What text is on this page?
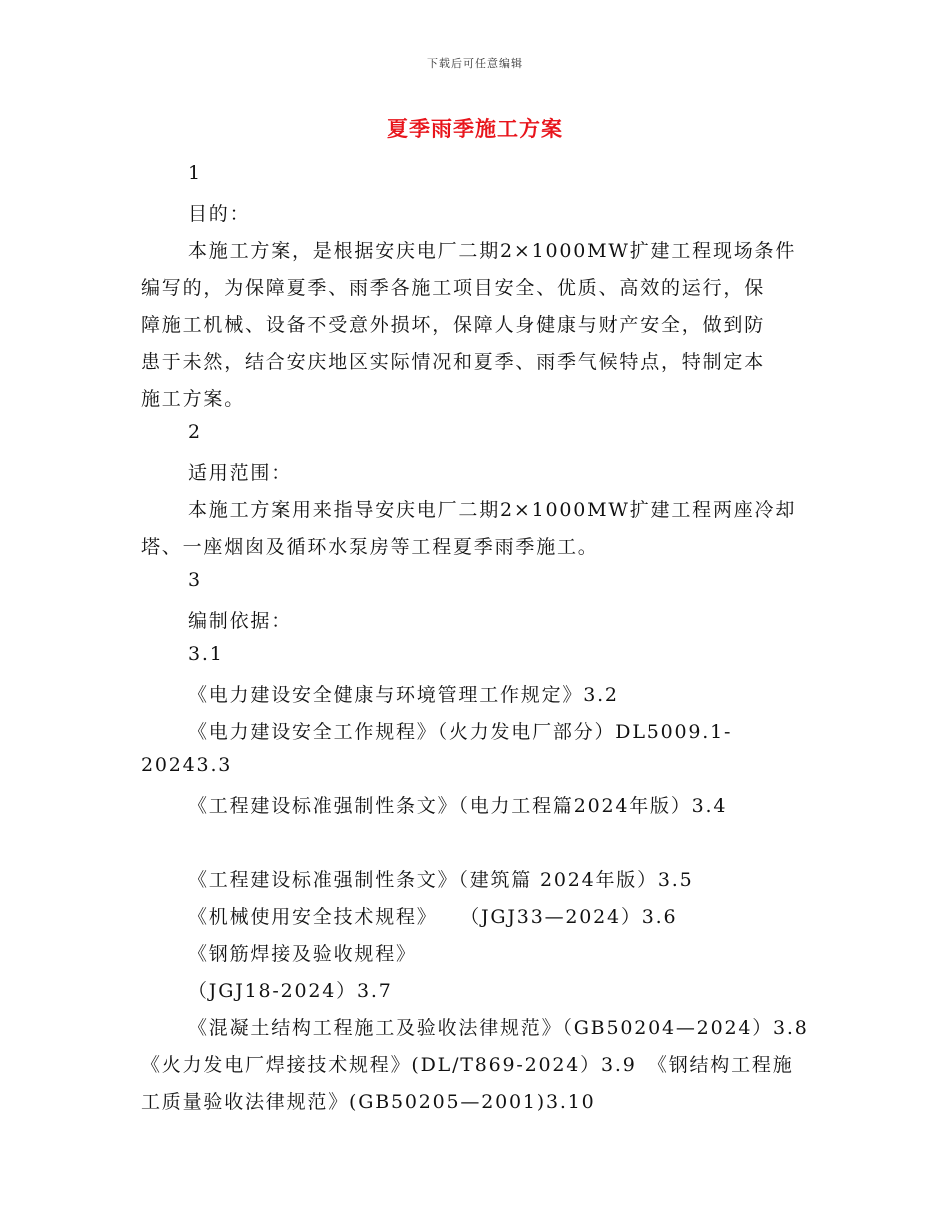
下载后可任意编辑
夏季雨季施工方案
1
目的：
本施工方案，是根据安庆电厂二期2×1000MW扩建工程现场条件
编写的，为保障夏季、雨季各施工项目安全、优质、高效的运行，保
障施工机械、设备不受意外损坏，保障人身健康与财产安全，做到防
患于未然，结合安庆地区实际情况和夏季、雨季气候特点，特制定本
施工方案。
2
适用范围：
本施工方案用来指导安庆电厂二期2×1000MW扩建工程两座冷却
塔、一座烟囱及循环水泵房等工程夏季雨季施工。
3
编制依据：
3.1
《电力建设安全健康与环境管理工作规定》3.2
《电力建设安全工作规程》（火力发电厂部分）DL5009.1-
20243.3
《工程建设标准强制性条文》（电力工程篇2024年版）3.4
《工程建设标准强制性条文》（建筑篇 2024年版）3.5
《机械使用安全技术规程》　　（JGJ33—2024）3.6
《钢筋焊接及验收规程》
（JGJ18-2024）3.7
《混凝土结构工程施工及验收法律规范》（GB50204—2024）3.8
《火力发电厂焊接技术规程》(DL/T869-2024）3.9　《钢结构工程施
工质量验收法律规范》(GB50205—2001)3.10
